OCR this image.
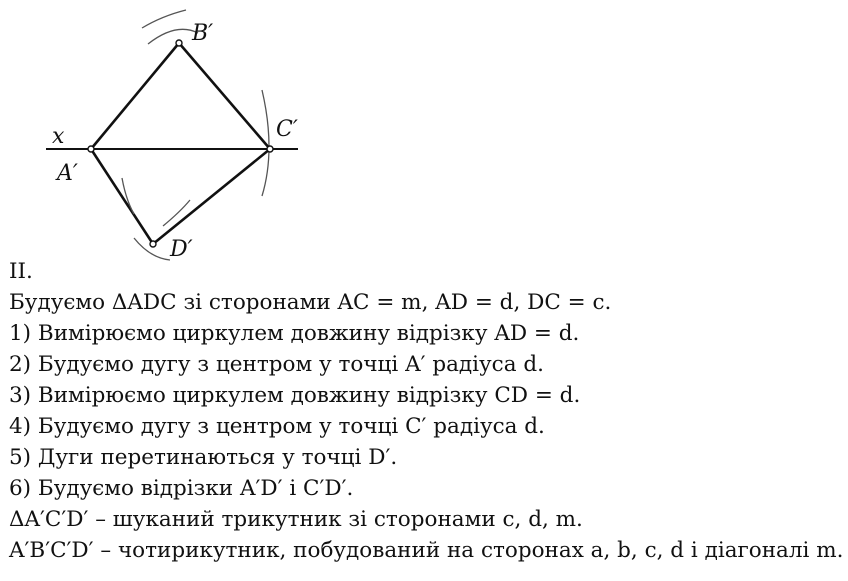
B′
C′
x
A′
D′
II.
Будуємо ΔADC зі сторонами AC = m, AD = d, DC = c.
1) Вимірюємо циркулем довжину відрізку AD = d.
2) Будуємо дугу з центром у точці A′ радіуса d.
3) Вимірюємо циркулем довжину відрізку CD = d.
4) Будуємо дугу з центром у точці C′ радіуса d.
5) Дуги перетинаються у точці D′.
6) Будуємо відрізки A′D′ і C′D′.
ΔA′C′D′ – шуканий трикутник зі сторонами c, d, m.
A′B′C′D′ – чотирикутник, побудований на сторонах a, b, c, d і діагоналі m.
